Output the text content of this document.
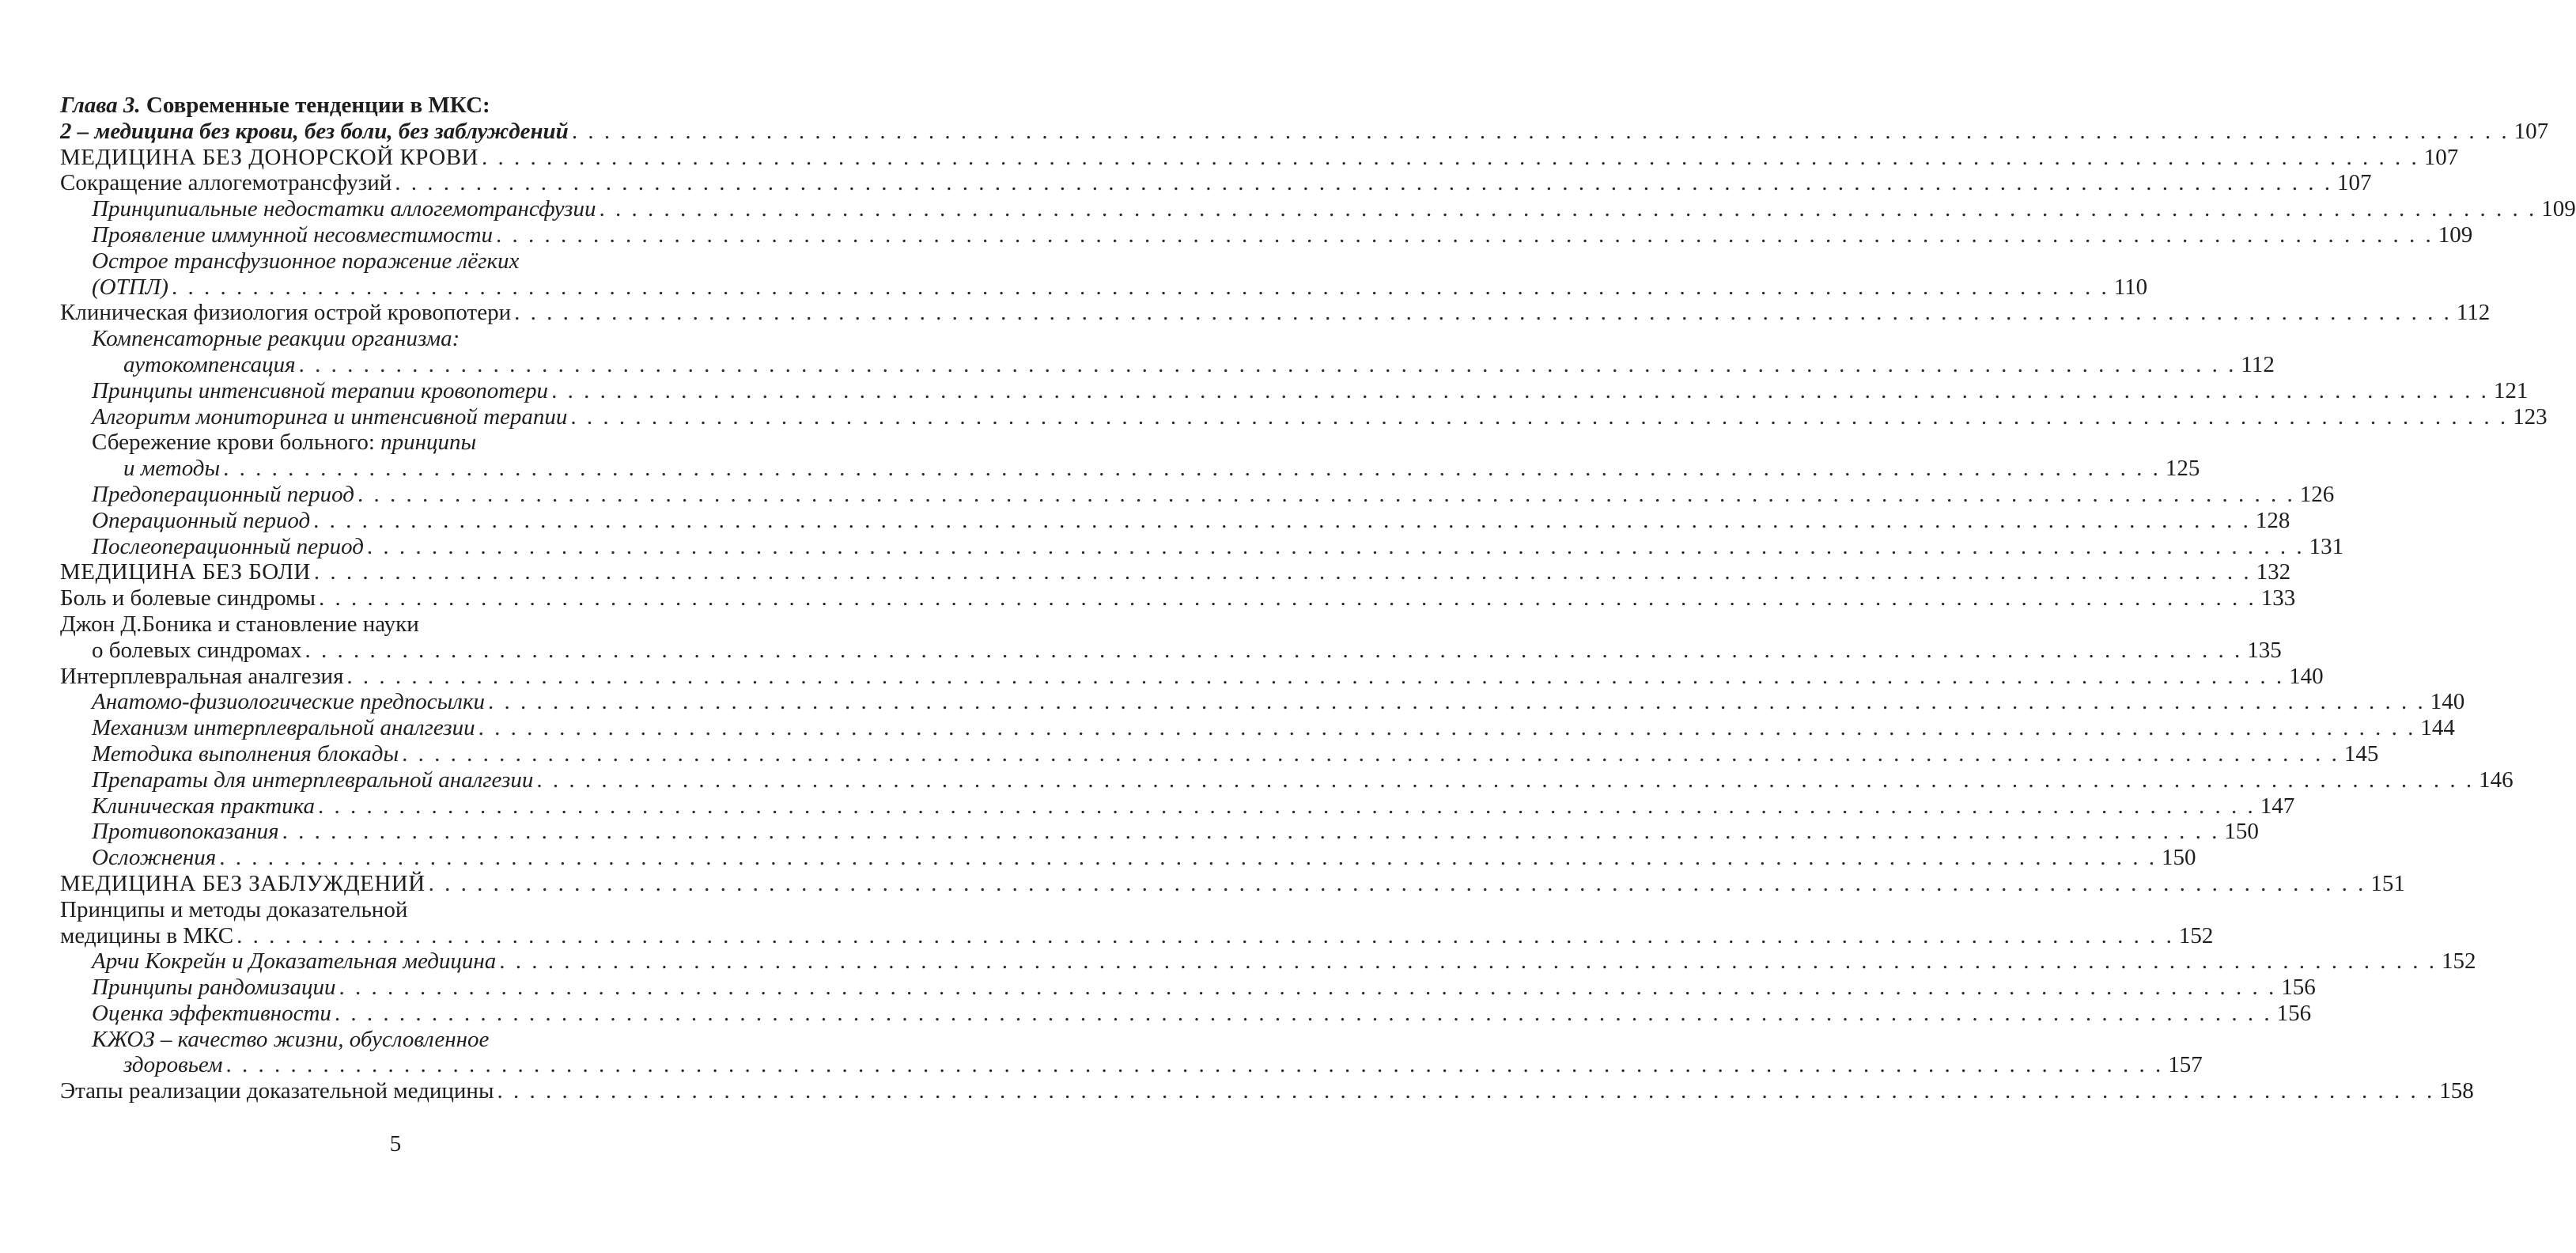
Глава 3. Современные тенденции в МКС:
2 – медицина без крови, без боли, без заблуждений . . . . . . . . . . . . . . . . . . . . . . . . . . . . . . . . . . . . . . . . . . . . . . . . . . . . . . . . . . . . . . . . . . . . . . . . . . . . . . . . . . . . . . . . . . . . . . . . . . . . . . . . . . . . . . . . . . . . . . . . 107
МЕДИЦИНА БЕЗ ДОНОРСКОЙ КРОВИ . . . . . . . . . . . . . . . . . . . . . . . . . . . . . . . . . . . . . . . . . . . . . . . . . . . . . . . . . . . . . . . . . . . . . . . . . . . . . . . . . . . . . . . . . . . . . . . . . . . . . . . . . . . . . . . . . . . . . . . . 107
Сокращение аллогемотрансфузий . . . . . . . . . . . . . . . . . . . . . . . . . . . . . . . . . . . . . . . . . . . . . . . . . . . . . . . . . . . . . . . . . . . . . . . . . . . . . . . . . . . . . . . . . . . . . . . . . . . . . . . . . . . . . . . . . . . . . . . . 107
Принципиальные недостатки аллогемотрансфузии . . . . . . . . . . . . . . . . . . . . . . . . . . . . . . . . . . . . . . . . . . . . . . . . . . . . . . . . . . . . . . . . . . . . . . . . . . . . . . . . . . . . . . . . . . . . . . . . . . . . . . . . . . . . . . . . . . . . . . . . 109
Проявление иммунной несовместимости . . . . . . . . . . . . . . . . . . . . . . . . . . . . . . . . . . . . . . . . . . . . . . . . . . . . . . . . . . . . . . . . . . . . . . . . . . . . . . . . . . . . . . . . . . . . . . . . . . . . . . . . . . . . . . . . . . . . . . . . 109
Острое трансфузионное поражение лёгких
(ОТПЛ) . . . . . . . . . . . . . . . . . . . . . . . . . . . . . . . . . . . . . . . . . . . . . . . . . . . . . . . . . . . . . . . . . . . . . . . . . . . . . . . . . . . . . . . . . . . . . . . . . . . . . . . . . . . . . . . . . . . . . . . . 110
Клиническая физиология острой кровопотери . . . . . . . . . . . . . . . . . . . . . . . . . . . . . . . . . . . . . . . . . . . . . . . . . . . . . . . . . . . . . . . . . . . . . . . . . . . . . . . . . . . . . . . . . . . . . . . . . . . . . . . . . . . . . . . . . . . . . . . . 112
Компенсаторные реакции организма:
аутокомпенсация . . . . . . . . . . . . . . . . . . . . . . . . . . . . . . . . . . . . . . . . . . . . . . . . . . . . . . . . . . . . . . . . . . . . . . . . . . . . . . . . . . . . . . . . . . . . . . . . . . . . . . . . . . . . . . . . . . . . . . . . 112
Принципы интенсивной терапии кровопотери . . . . . . . . . . . . . . . . . . . . . . . . . . . . . . . . . . . . . . . . . . . . . . . . . . . . . . . . . . . . . . . . . . . . . . . . . . . . . . . . . . . . . . . . . . . . . . . . . . . . . . . . . . . . . . . . . . . . . . . . 121
Алгоритм мониторинга и интенсивной терапии . . . . . . . . . . . . . . . . . . . . . . . . . . . . . . . . . . . . . . . . . . . . . . . . . . . . . . . . . . . . . . . . . . . . . . . . . . . . . . . . . . . . . . . . . . . . . . . . . . . . . . . . . . . . . . . . . . . . . . . . 123
Сбережение крови больного: принципы
и методы . . . . . . . . . . . . . . . . . . . . . . . . . . . . . . . . . . . . . . . . . . . . . . . . . . . . . . . . . . . . . . . . . . . . . . . . . . . . . . . . . . . . . . . . . . . . . . . . . . . . . . . . . . . . . . . . . . . . . . . . 125
Предоперационный период . . . . . . . . . . . . . . . . . . . . . . . . . . . . . . . . . . . . . . . . . . . . . . . . . . . . . . . . . . . . . . . . . . . . . . . . . . . . . . . . . . . . . . . . . . . . . . . . . . . . . . . . . . . . . . . . . . . . . . . . 126
Операционный период . . . . . . . . . . . . . . . . . . . . . . . . . . . . . . . . . . . . . . . . . . . . . . . . . . . . . . . . . . . . . . . . . . . . . . . . . . . . . . . . . . . . . . . . . . . . . . . . . . . . . . . . . . . . . . . . . . . . . . . . 128
Послеоперационный период . . . . . . . . . . . . . . . . . . . . . . . . . . . . . . . . . . . . . . . . . . . . . . . . . . . . . . . . . . . . . . . . . . . . . . . . . . . . . . . . . . . . . . . . . . . . . . . . . . . . . . . . . . . . . . . . . . . . . . . . 131
МЕДИЦИНА БЕЗ БОЛИ . . . . . . . . . . . . . . . . . . . . . . . . . . . . . . . . . . . . . . . . . . . . . . . . . . . . . . . . . . . . . . . . . . . . . . . . . . . . . . . . . . . . . . . . . . . . . . . . . . . . . . . . . . . . . . . . . . . . . . . . 132
Боль и болевые синдромы . . . . . . . . . . . . . . . . . . . . . . . . . . . . . . . . . . . . . . . . . . . . . . . . . . . . . . . . . . . . . . . . . . . . . . . . . . . . . . . . . . . . . . . . . . . . . . . . . . . . . . . . . . . . . . . . . . . . . . . . 133
Джон Д.Боника и становление науки
о болевых синдромах . . . . . . . . . . . . . . . . . . . . . . . . . . . . . . . . . . . . . . . . . . . . . . . . . . . . . . . . . . . . . . . . . . . . . . . . . . . . . . . . . . . . . . . . . . . . . . . . . . . . . . . . . . . . . . . . . . . . . . . . 135
Интерплевральная аналгезия . . . . . . . . . . . . . . . . . . . . . . . . . . . . . . . . . . . . . . . . . . . . . . . . . . . . . . . . . . . . . . . . . . . . . . . . . . . . . . . . . . . . . . . . . . . . . . . . . . . . . . . . . . . . . . . . . . . . . . . . 140
Анатомо-физиологические предпосылки . . . . . . . . . . . . . . . . . . . . . . . . . . . . . . . . . . . . . . . . . . . . . . . . . . . . . . . . . . . . . . . . . . . . . . . . . . . . . . . . . . . . . . . . . . . . . . . . . . . . . . . . . . . . . . . . . . . . . . . . 140
Механизм интерплевральной аналгезии . . . . . . . . . . . . . . . . . . . . . . . . . . . . . . . . . . . . . . . . . . . . . . . . . . . . . . . . . . . . . . . . . . . . . . . . . . . . . . . . . . . . . . . . . . . . . . . . . . . . . . . . . . . . . . . . . . . . . . . . 144
Методика выполнения блокады . . . . . . . . . . . . . . . . . . . . . . . . . . . . . . . . . . . . . . . . . . . . . . . . . . . . . . . . . . . . . . . . . . . . . . . . . . . . . . . . . . . . . . . . . . . . . . . . . . . . . . . . . . . . . . . . . . . . . . . . 145
Препараты для интерплевральной аналгезии . . . . . . . . . . . . . . . . . . . . . . . . . . . . . . . . . . . . . . . . . . . . . . . . . . . . . . . . . . . . . . . . . . . . . . . . . . . . . . . . . . . . . . . . . . . . . . . . . . . . . . . . . . . . . . . . . . . . . . . . 146
Клиническая практика . . . . . . . . . . . . . . . . . . . . . . . . . . . . . . . . . . . . . . . . . . . . . . . . . . . . . . . . . . . . . . . . . . . . . . . . . . . . . . . . . . . . . . . . . . . . . . . . . . . . . . . . . . . . . . . . . . . . . . . . 147
Противопоказания . . . . . . . . . . . . . . . . . . . . . . . . . . . . . . . . . . . . . . . . . . . . . . . . . . . . . . . . . . . . . . . . . . . . . . . . . . . . . . . . . . . . . . . . . . . . . . . . . . . . . . . . . . . . . . . . . . . . . . . . 150
Осложнения . . . . . . . . . . . . . . . . . . . . . . . . . . . . . . . . . . . . . . . . . . . . . . . . . . . . . . . . . . . . . . . . . . . . . . . . . . . . . . . . . . . . . . . . . . . . . . . . . . . . . . . . . . . . . . . . . . . . . . . . 150
МЕДИЦИНА БЕЗ ЗАБЛУЖДЕНИЙ . . . . . . . . . . . . . . . . . . . . . . . . . . . . . . . . . . . . . . . . . . . . . . . . . . . . . . . . . . . . . . . . . . . . . . . . . . . . . . . . . . . . . . . . . . . . . . . . . . . . . . . . . . . . . . . . . . . . . . . . 151
Принципы и методы доказательной
медицины в МКС . . . . . . . . . . . . . . . . . . . . . . . . . . . . . . . . . . . . . . . . . . . . . . . . . . . . . . . . . . . . . . . . . . . . . . . . . . . . . . . . . . . . . . . . . . . . . . . . . . . . . . . . . . . . . . . . . . . . . . . . 152
Арчи Кокрейн и Доказательная медицина . . . . . . . . . . . . . . . . . . . . . . . . . . . . . . . . . . . . . . . . . . . . . . . . . . . . . . . . . . . . . . . . . . . . . . . . . . . . . . . . . . . . . . . . . . . . . . . . . . . . . . . . . . . . . . . . . . . . . . . . 152
Принципы рандомизации . . . . . . . . . . . . . . . . . . . . . . . . . . . . . . . . . . . . . . . . . . . . . . . . . . . . . . . . . . . . . . . . . . . . . . . . . . . . . . . . . . . . . . . . . . . . . . . . . . . . . . . . . . . . . . . . . . . . . . . . 156
Оценка эффективности . . . . . . . . . . . . . . . . . . . . . . . . . . . . . . . . . . . . . . . . . . . . . . . . . . . . . . . . . . . . . . . . . . . . . . . . . . . . . . . . . . . . . . . . . . . . . . . . . . . . . . . . . . . . . . . . . . . . . . . . 156
КЖОЗ – качество жизни, обусловленное
здоровьем . . . . . . . . . . . . . . . . . . . . . . . . . . . . . . . . . . . . . . . . . . . . . . . . . . . . . . . . . . . . . . . . . . . . . . . . . . . . . . . . . . . . . . . . . . . . . . . . . . . . . . . . . . . . . . . . . . . . . . . . 157
Этапы реализации доказательной медицины . . . . . . . . . . . . . . . . . . . . . . . . . . . . . . . . . . . . . . . . . . . . . . . . . . . . . . . . . . . . . . . . . . . . . . . . . . . . . . . . . . . . . . . . . . . . . . . . . . . . . . . . . . . . . . . . . . . . . . . . 158
5
